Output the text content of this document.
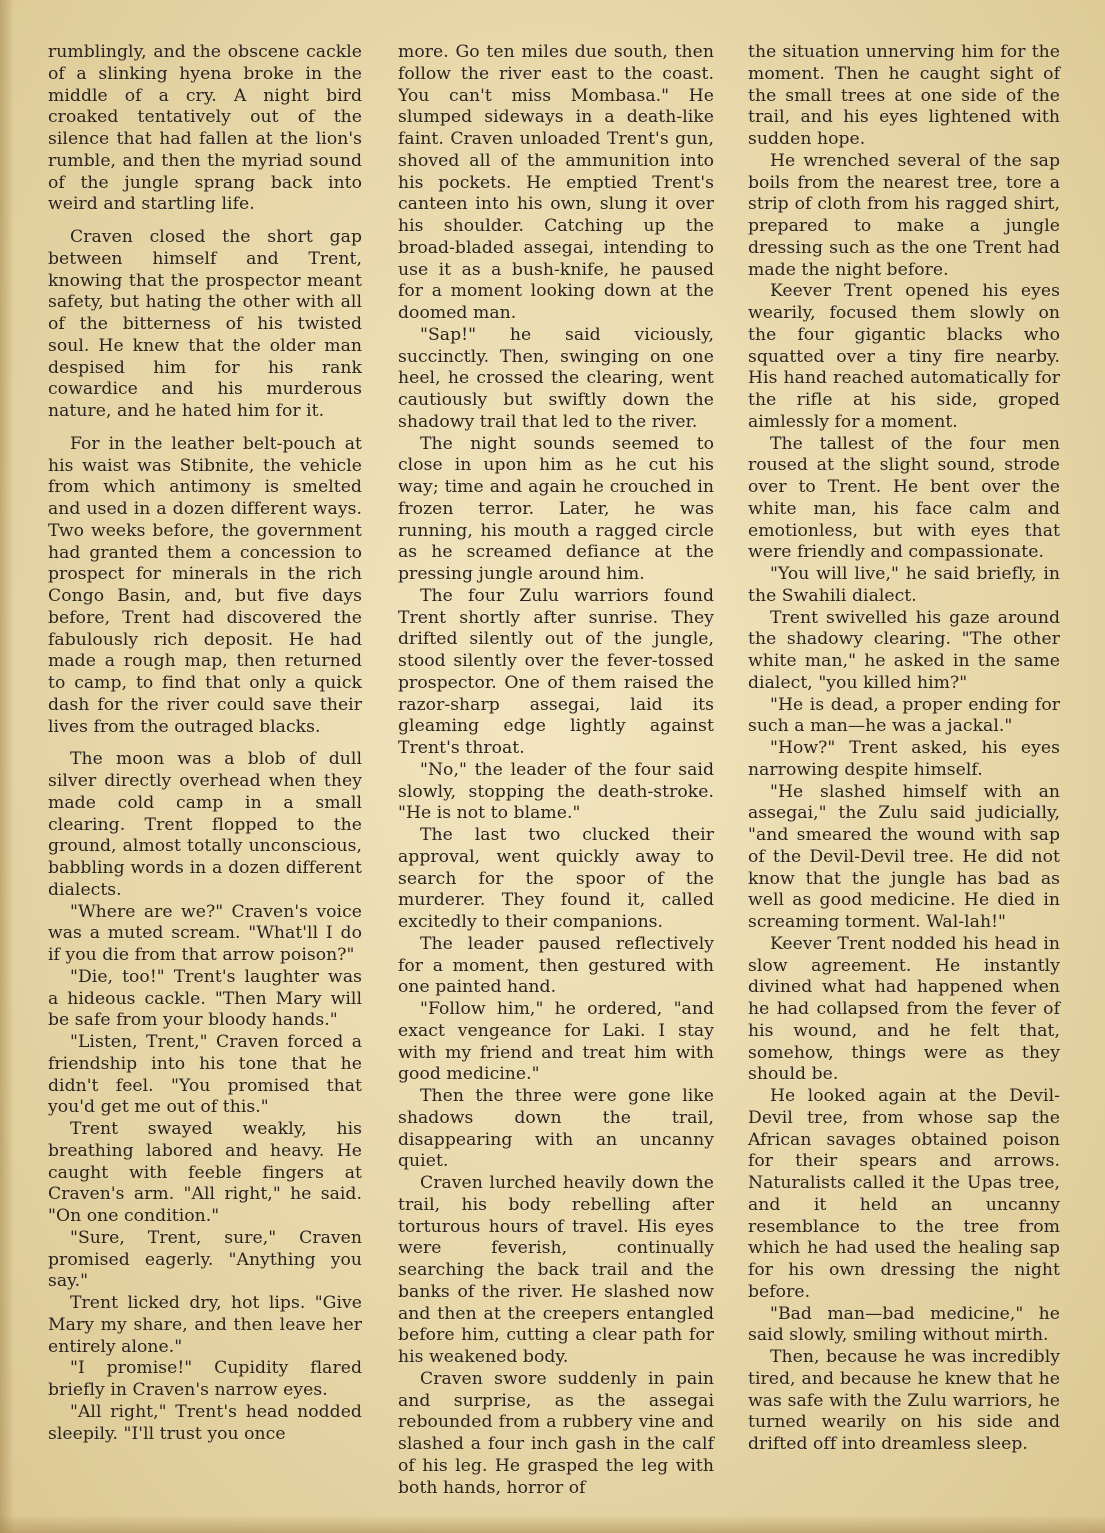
rumblingly, and the obscene cackle of a slinking hyena broke in the middle of a cry. A night bird croaked tentatively out of the silence that had fallen at the lion's rumble, and then the myriad sound of the jungle sprang back into weird and startling life.

Craven closed the short gap between himself and Trent, knowing that the prospector meant safety, but hating the other with all of the bitterness of his twisted soul. He knew that the older man despised him for his rank cowardice and his murderous nature, and he hated him for it.

For in the leather belt-pouch at his waist was Stibnite, the vehicle from which antimony is smelted and used in a dozen different ways. Two weeks before, the government had granted them a concession to prospect for minerals in the rich Congo Basin, and, but five days before, Trent had discovered the fabulously rich deposit. He had made a rough map, then returned to camp, to find that only a quick dash for the river could save their lives from the outraged blacks.

The moon was a blob of dull silver directly overhead when they made cold camp in a small clearing. Trent flopped to the ground, almost totally unconscious, babbling words in a dozen different dialects.

"Where are we?" Craven's voice was a muted scream. "What'll I do if you die from that arrow poison?"

"Die, too!" Trent's laughter was a hideous cackle. "Then Mary will be safe from your bloody hands."

"Listen, Trent," Craven forced a friendship into his tone that he didn't feel. "You promised that you'd get me out of this."

Trent swayed weakly, his breathing labored and heavy. He caught with feeble fingers at Craven's arm. "All right," he said. "On one condition."

"Sure, Trent, sure," Craven promised eagerly. "Anything you say."

Trent licked dry, hot lips. "Give Mary my share, and then leave her entirely alone."

"I promise!" Cupidity flared briefly in Craven's narrow eyes.

"All right," Trent's head nodded sleepily. "I'll trust you once

more. Go ten miles due south, then follow the river east to the coast. You can't miss Mombasa." He slumped sideways in a death-like faint. Craven unloaded Trent's gun, shoved all of the ammunition into his pockets. He emptied Trent's canteen into his own, slung it over his shoulder. Catching up the broad-bladed assegai, intending to use it as a bush-knife, he paused for a moment looking down at the doomed man.

"Sap!" he said viciously, succinctly. Then, swinging on one heel, he crossed the clearing, went cautiously but swiftly down the shadowy trail that led to the river.

The night sounds seemed to close in upon him as he cut his way; time and again he crouched in frozen terror. Later, he was running, his mouth a ragged circle as he screamed defiance at the pressing jungle around him.

The four Zulu warriors found Trent shortly after sunrise. They drifted silently out of the jungle, stood silently over the fever-tossed prospector. One of them raised the razor-sharp assegai, laid its gleaming edge lightly against Trent's throat.

"No," the leader of the four said slowly, stopping the death-stroke. "He is not to blame."

The last two clucked their approval, went quickly away to search for the spoor of the murderer. They found it, called excitedly to their companions.

The leader paused reflectively for a moment, then gestured with one painted hand.

"Follow him," he ordered, "and exact vengeance for Laki. I stay with my friend and treat him with good medicine."

Then the three were gone like shadows down the trail, disappearing with an uncanny quiet.

Craven lurched heavily down the trail, his body rebelling after torturous hours of travel. His eyes were feverish, continually searching the back trail and the banks of the river. He slashed now and then at the creepers entangled before him, cutting a clear path for his weakened body.

Craven swore suddenly in pain and surprise, as the assegai rebounded from a rubbery vine and slashed a four inch gash in the calf of his leg. He grasped the leg with both hands, horror of

the situation unnerving him for the moment. Then he caught sight of the small trees at one side of the trail, and his eyes lightened with sudden hope.

He wrenched several of the sap boils from the nearest tree, tore a strip of cloth from his ragged shirt, prepared to make a jungle dressing such as the one Trent had made the night before.

Keever Trent opened his eyes wearily, focused them slowly on the four gigantic blacks who squatted over a tiny fire nearby. His hand reached automatically for the rifle at his side, groped aimlessly for a moment.

The tallest of the four men roused at the slight sound, strode over to Trent. He bent over the white man, his face calm and emotionless, but with eyes that were friendly and compassionate.

"You will live," he said briefly, in the Swahili dialect.

Trent swivelled his gaze around the shadowy clearing. "The other white man," he asked in the same dialect, "you killed him?"

"He is dead, a proper ending for such a man—he was a jackal."

"How?" Trent asked, his eyes narrowing despite himself.

"He slashed himself with an assegai," the Zulu said judicially, "and smeared the wound with sap of the Devil-Devil tree. He did not know that the jungle has bad as well as good medicine. He died in screaming torment. Wal-lah!"

Keever Trent nodded his head in slow agreement. He instantly divined what had happened when he had collapsed from the fever of his wound, and he felt that, somehow, things were as they should be.

He looked again at the Devil-Devil tree, from whose sap the African savages obtained poison for their spears and arrows. Naturalists called it the Upas tree, and it held an uncanny resemblance to the tree from which he had used the healing sap for his own dressing the night before.

"Bad man—bad medicine," he said slowly, smiling without mirth.

Then, because he was incredibly tired, and because he knew that he was safe with the Zulu warriors, he turned wearily on his side and drifted off into dreamless sleep.
